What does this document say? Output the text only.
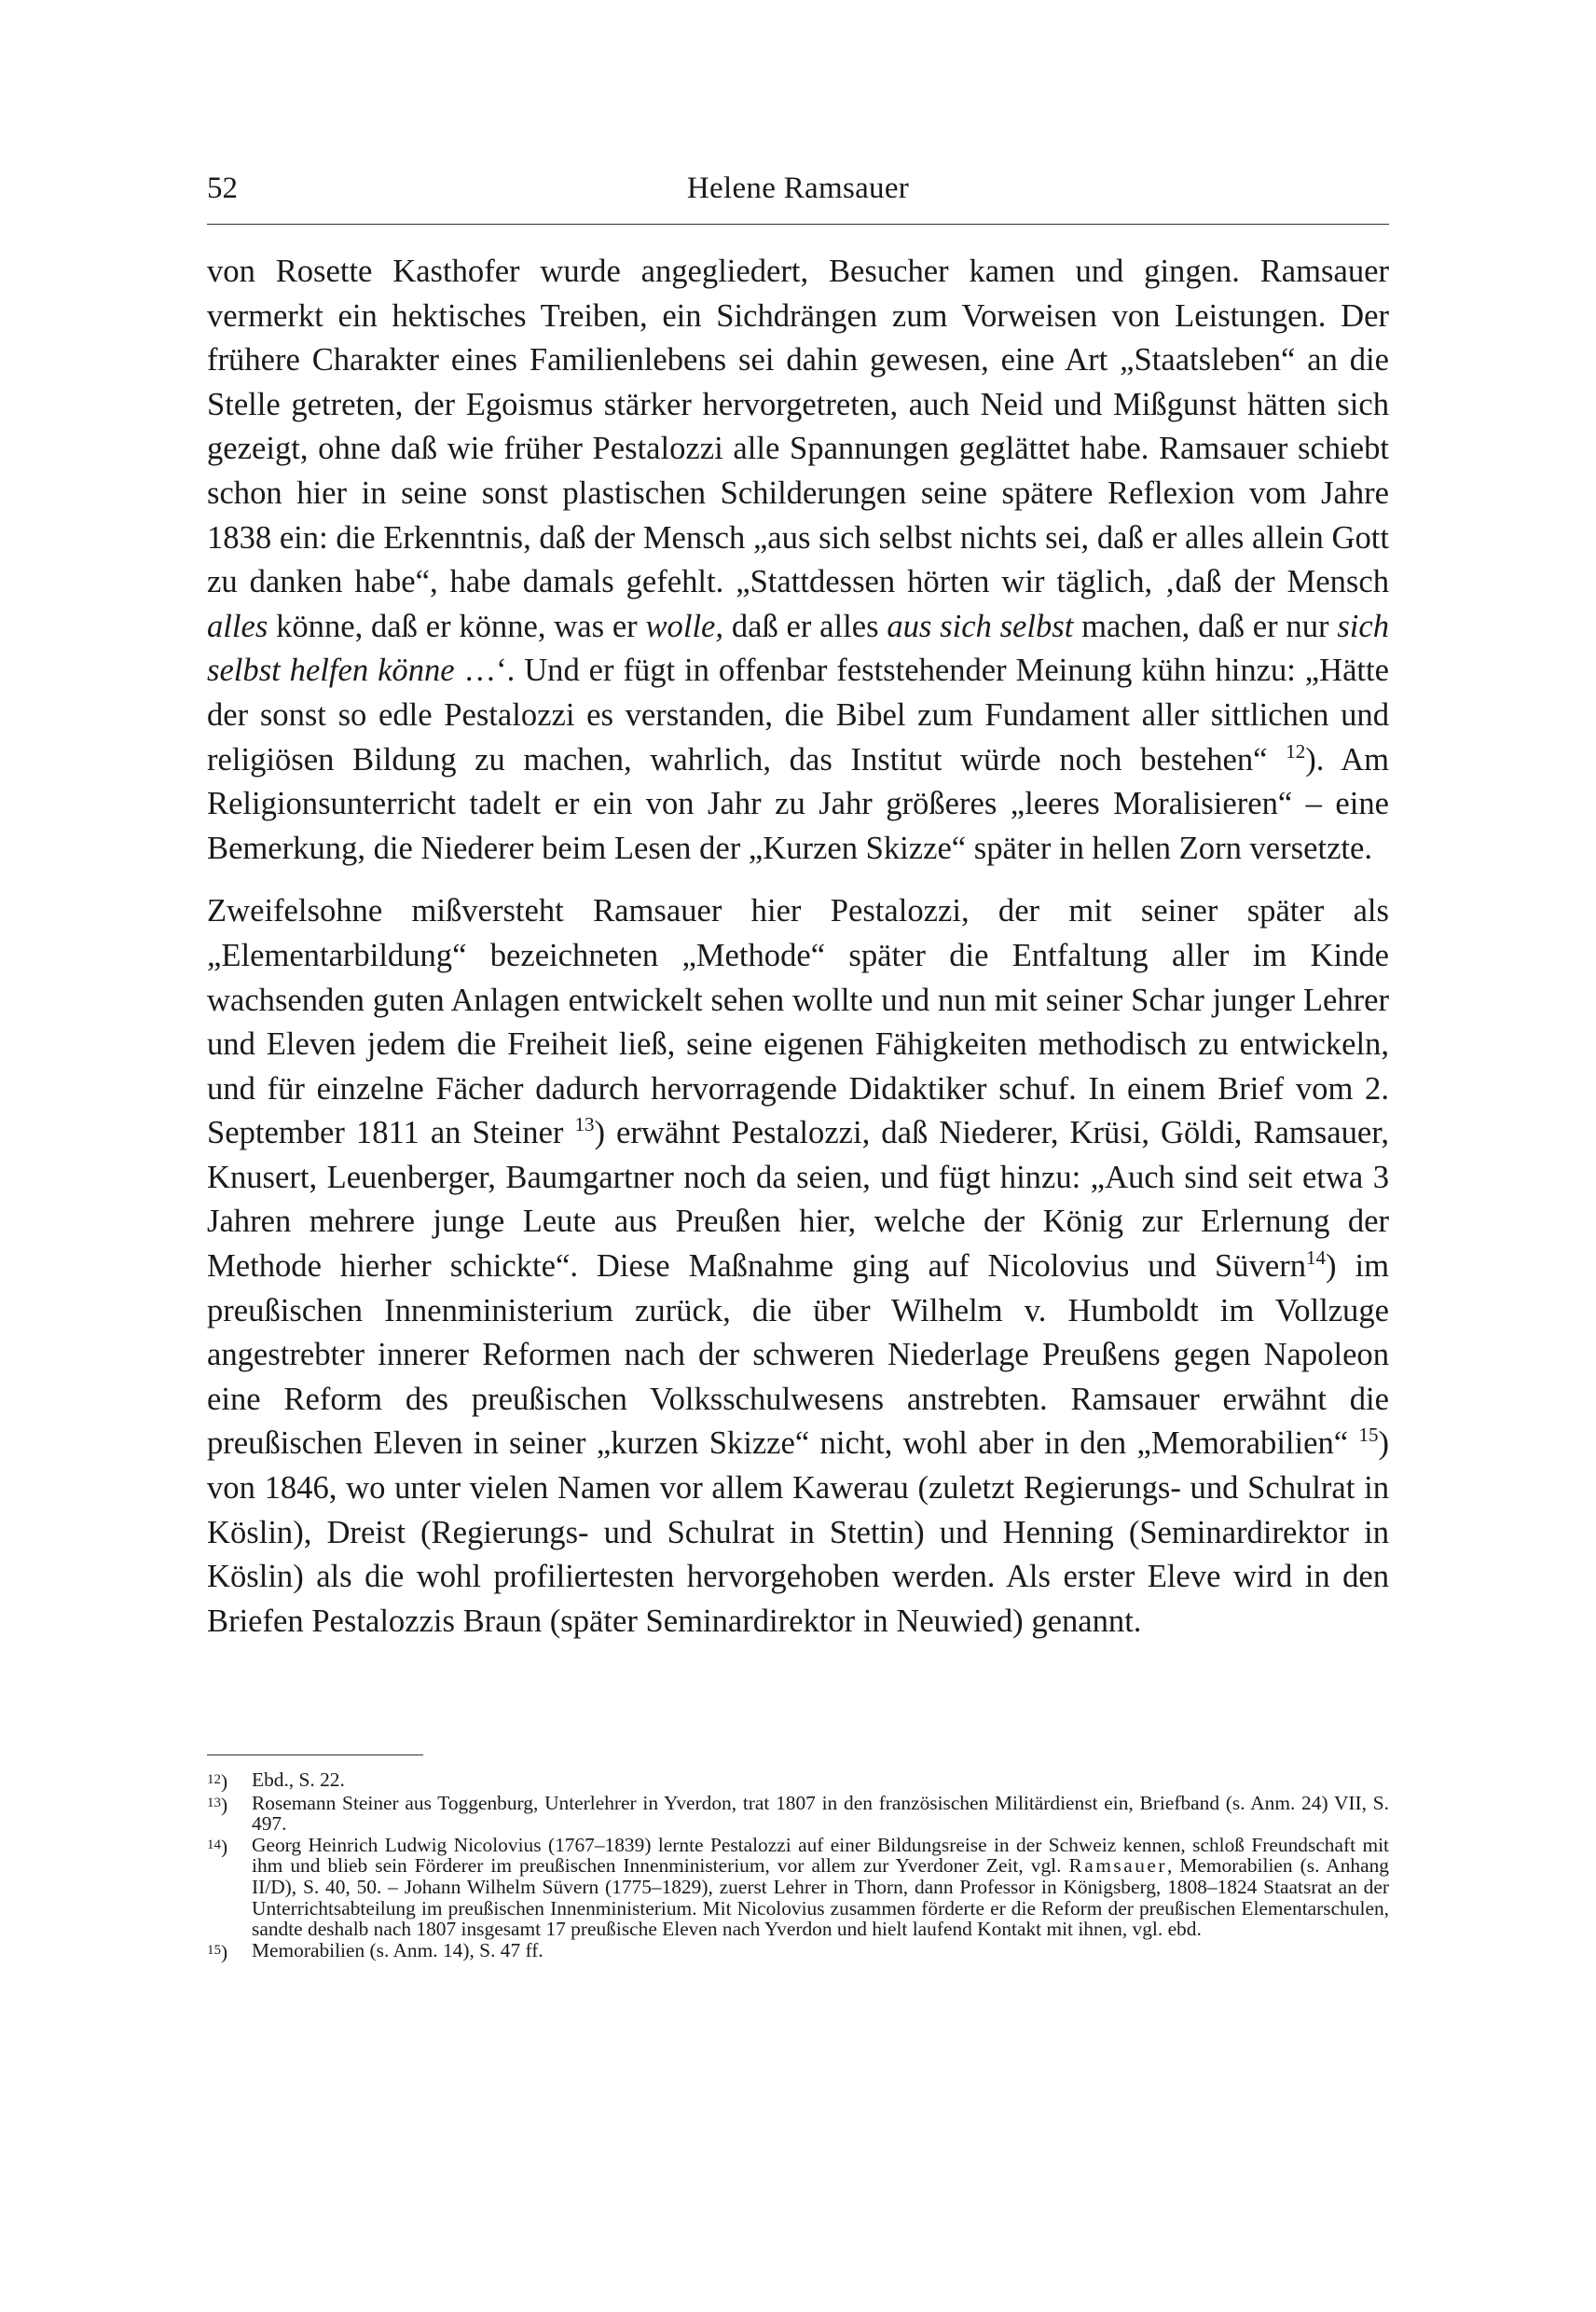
52	Helene Ramsauer

von Rosette Kasthofer wurde angegliedert, Besucher kamen und gingen. Ramsauer vermerkt ein hektisches Treiben, ein Sichdrängen zum Vorweisen von Leistungen. Der frühere Charakter eines Familienlebens sei dahin gewesen, eine Art „Staatsleben“ an die Stelle getreten, der Egoismus stärker hervorgetreten, auch Neid und Mißgunst hätten sich gezeigt, ohne daß wie früher Pestalozzi alle Spannungen geglättet habe. Ramsauer schiebt schon hier in seine sonst plastischen Schilderungen seine spätere Reflexion vom Jahre 1838 ein: die Erkenntnis, daß der Mensch „aus sich selbst nichts sei, daß er alles allein Gott zu danken habe“, habe damals gefehlt. „Stattdessen hörten wir täglich, ‚daß der Mensch alles könne, daß er könne, was er wolle, daß er alles aus sich selbst machen, daß er nur sich selbst helfen könne …‘. Und er fügt in offenbar feststehender Meinung kühn hinzu: „Hätte der sonst so edle Pestalozzi es verstanden, die Bibel zum Fundament aller sittlichen und religiösen Bildung zu machen, wahrlich, das Institut würde noch bestehen“ $^{12}$). Am Religionsunterricht tadelt er ein von Jahr zu Jahr größeres „leeres Moralisieren“ – eine Bemerkung, die Niederer beim Lesen der „Kurzen Skizze“ später in hellen Zorn versetzte.

Zweifelsohne mißversteht Ramsauer hier Pestalozzi, der mit seiner später als „Elementarbildung“ bezeichneten „Methode“ später die Entfaltung aller im Kinde wachsenden guten Anlagen entwickelt sehen wollte und nun mit seiner Schar junger Lehrer und Eleven jedem die Freiheit ließ, seine eigenen Fähigkeiten methodisch zu entwickeln, und für einzelne Fächer dadurch hervorragende Didaktiker schuf. In einem Brief vom 2. September 1811 an Steiner $^{13}$) erwähnt Pestalozzi, daß Niederer, Krüsi, Göldi, Ramsauer, Knusert, Leuenberger, Baumgartner noch da seien, und fügt hinzu: „Auch sind seit etwa 3 Jahren mehrere junge Leute aus Preußen hier, welche der König zur Erlernung der Methode hierher schickte“. Diese Maßnahme ging auf Nicolovius und Süvern$^{14}$) im preußischen Innenministerium zurück, die über Wilhelm v. Humboldt im Vollzuge angestrebter innerer Reformen nach der schweren Niederlage Preußens gegen Napoleon eine Reform des preußischen Volksschulwesens anstrebten. Ramsauer erwähnt die preußischen Eleven in seiner „kurzen Skizze“ nicht, wohl aber in den „Memorabilien“ $^{15}$) von 1846, wo unter vielen Namen vor allem Kawerau (zuletzt Regierungs- und Schulrat in Köslin), Dreist (Regierungs- und Schulrat in Stettin) und Henning (Seminardirektor in Köslin) als die wohl profiliertesten hervorgehoben werden. Als erster Eleve wird in den Briefen Pestalozzis Braun (später Seminardirektor in Neuwied) genannt.

$^{12}$)	Ebd., S. 22.
$^{13}$)	Rosemann Steiner aus Toggenburg, Unterlehrer in Yverdon, trat 1807 in den französischen Militärdienst ein, Briefband (s. Anm. 24) VII, S. 497.
$^{14}$)	Georg Heinrich Ludwig Nicolovius (1767–1839) lernte Pestalozzi auf einer Bildungsreise in der Schweiz kennen, schloß Freundschaft mit ihm und blieb sein Förderer im preußischen Innenministerium, vor allem zur Yverdoner Zeit, vgl. Ramsauer, Memorabilien (s. Anhang II/D), S. 40, 50. – Johann Wilhelm Süvern (1775–1829), zuerst Lehrer in Thorn, dann Professor in Königsberg, 1808–1824 Staatsrat an der Unterrichtsabteilung im preußischen Innenministerium. Mit Nicolovius zusammen förderte er die Reform der preußischen Elementarschulen, sandte deshalb nach 1807 insgesamt 17 preußische Eleven nach Yverdon und hielt laufend Kontakt mit ihnen, vgl. ebd.
$^{15}$)	Memorabilien (s. Anm. 14), S. 47 ff.
